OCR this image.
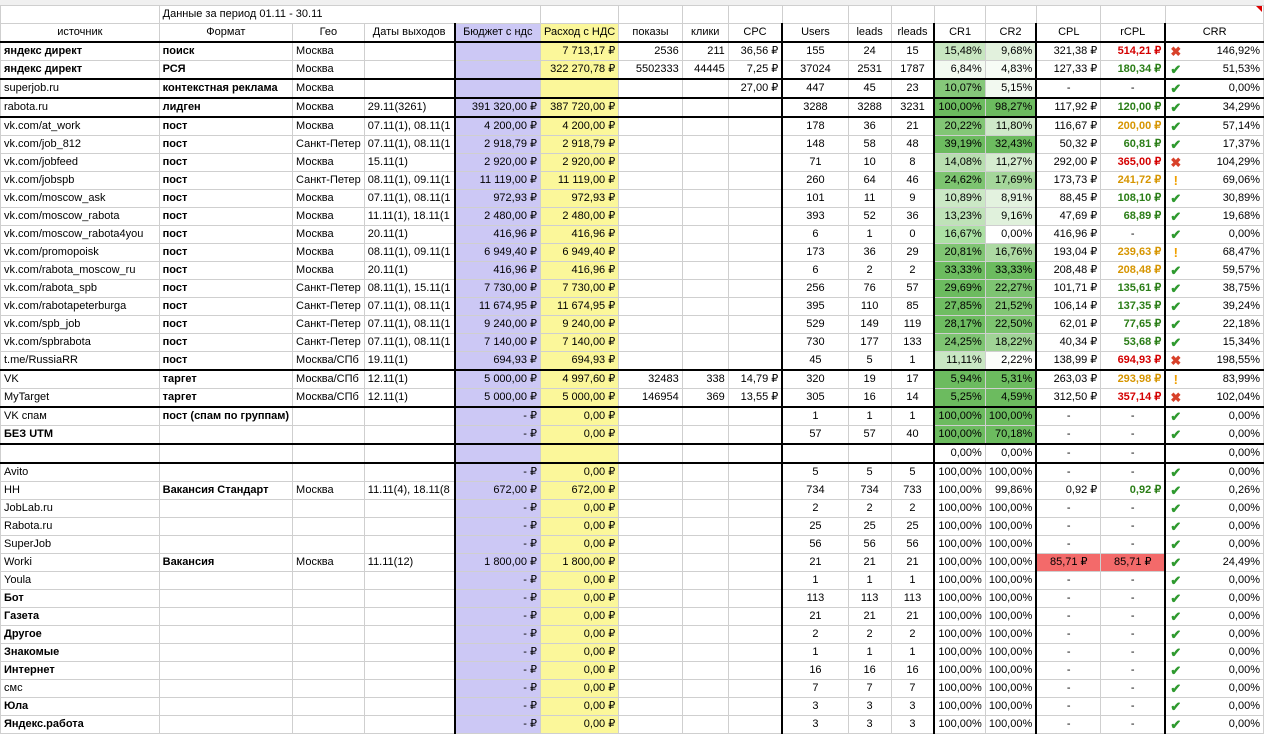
	Данные за период 01.11 - 30.11															
источник	Формат	Гео	Даты выходов	Бюджет с ндс	Расход с НДС	показы	клики	CPC	Users	leads	rleads	CR1	CR2	CPL	rCPL	CRR
яндекс директ	поиск	Москва			7 713,17 ₽	2536	211	36,56 ₽	155	24	15	15,48%	9,68%	321,38 ₽	514,21 ₽	✖ 146,92%

яндекс директ	РСЯ	Москва			322 270,78 ₽	5502333	44445	7,25 ₽	37024	2531	1787	6,84%	4,83%	127,33 ₽	180,34 ₽	✔ 51,53%

superjob.ru	контекстная реклама	Москва						27,00 ₽	447	45	23	10,07%	5,15%	-	-	✔ 0,00%

rabota.ru	лидген	Москва	29.11(3261)	391 320,00 ₽	387 720,00 ₽				3288	3288	3231	100,00%	98,27%	117,92 ₽	120,00 ₽	✔ 34,29%

vk.com/at_work	пост	Москва	07.11(1), 08.11(1	4 200,00 ₽	4 200,00 ₽				178	36	21	20,22%	11,80%	116,67 ₽	200,00 ₽	✔ 57,14%

vk.com/job_812	пост	Санкт-Петер	07.11(1), 08.11(1	2 918,79 ₽	2 918,79 ₽				148	58	48	39,19%	32,43%	50,32 ₽	60,81 ₽	✔ 17,37%

vk.com/jobfeed	пост	Москва	15.11(1)	2 920,00 ₽	2 920,00 ₽				71	10	8	14,08%	11,27%	292,00 ₽	365,00 ₽	✖ 104,29%

vk.com/jobspb	пост	Санкт-Петер	08.11(1), 09.11(1	11 119,00 ₽	11 119,00 ₽				260	64	46	24,62%	17,69%	173,73 ₽	241,72 ₽	! 69,06%

vk.com/moscow_ask	пост	Москва	07.11(1), 08.11(1	972,93 ₽	972,93 ₽				101	11	9	10,89%	8,91%	88,45 ₽	108,10 ₽	✔ 30,89%

vk.com/moscow_rabota	пост	Москва	11.11(1), 18.11(1	2 480,00 ₽	2 480,00 ₽				393	52	36	13,23%	9,16%	47,69 ₽	68,89 ₽	✔ 19,68%

vk.com/moscow_rabota4you	пост	Москва	20.11(1)	416,96 ₽	416,96 ₽				6	1	0	16,67%	0,00%	416,96 ₽	-	✔ 0,00%

vk.com/promopoisk	пост	Москва	08.11(1), 09.11(1	6 949,40 ₽	6 949,40 ₽				173	36	29	20,81%	16,76%	193,04 ₽	239,63 ₽	! 68,47%

vk.com/rabota_moscow_ru	пост	Москва	20.11(1)	416,96 ₽	416,96 ₽				6	2	2	33,33%	33,33%	208,48 ₽	208,48 ₽	✔ 59,57%

vk.com/rabota_spb	пост	Санкт-Петер	08.11(1), 15.11(1	7 730,00 ₽	7 730,00 ₽				256	76	57	29,69%	22,27%	101,71 ₽	135,61 ₽	✔ 38,75%

vk.com/rabotapeterburga	пост	Санкт-Петер	07.11(1), 08.11(1	11 674,95 ₽	11 674,95 ₽				395	110	85	27,85%	21,52%	106,14 ₽	137,35 ₽	✔ 39,24%

vk.com/spb_job	пост	Санкт-Петер	07.11(1), 08.11(1	9 240,00 ₽	9 240,00 ₽				529	149	119	28,17%	22,50%	62,01 ₽	77,65 ₽	✔ 22,18%

vk.com/spbrabota	пост	Санкт-Петер	07.11(1), 08.11(1	7 140,00 ₽	7 140,00 ₽				730	177	133	24,25%	18,22%	40,34 ₽	53,68 ₽	✔ 15,34%

t.me/RussiaRR	пост	Москва/СПб	19.11(1)	694,93 ₽	694,93 ₽				45	5	1	11,11%	2,22%	138,99 ₽	694,93 ₽	✖ 198,55%

VK	таргет	Москва/СПб	12.11(1)	5 000,00 ₽	4 997,60 ₽	32483	338	14,79 ₽	320	19	17	5,94%	5,31%	263,03 ₽	293,98 ₽	! 83,99%

MyTarget	таргет	Москва/СПб	12.11(1)	5 000,00 ₽	5 000,00 ₽	146954	369	13,55 ₽	305	16	14	5,25%	4,59%	312,50 ₽	357,14 ₽	✖ 102,04%

VK спам	пост (спам по группам)			- ₽	0,00 ₽				1	1	1	100,00%	100,00%	-	-	✔ 0,00%

БЕЗ UTM				- ₽	0,00 ₽				57	57	40	100,00%	70,18%	-	-	✔ 0,00%

												0,00%	0,00%	-	-	0,00%

Avito				- ₽	0,00 ₽				5	5	5	100,00%	100,00%	-	-	✔ 0,00%

HH	Вакансия Стандарт	Москва	11.11(4), 18.11(8	672,00 ₽	672,00 ₽				734	734	733	100,00%	99,86%	0,92 ₽	0,92 ₽	✔ 0,26%

JobLab.ru				- ₽	0,00 ₽				2	2	2	100,00%	100,00%	-	-	✔ 0,00%

Rabota.ru				- ₽	0,00 ₽				25	25	25	100,00%	100,00%	-	-	✔ 0,00%

SuperJob				- ₽	0,00 ₽				56	56	56	100,00%	100,00%	-	-	✔ 0,00%

Worki	Вакансия	Москва	11.11(12)	1 800,00 ₽	1 800,00 ₽				21	21	21	100,00%	100,00%	85,71 ₽	85,71 ₽	✔ 24,49%

Youla				- ₽	0,00 ₽				1	1	1	100,00%	100,00%	-	-	✔ 0,00%

Бот				- ₽	0,00 ₽				113	113	113	100,00%	100,00%	-	-	✔ 0,00%

Газета				- ₽	0,00 ₽				21	21	21	100,00%	100,00%	-	-	✔ 0,00%

Другое				- ₽	0,00 ₽				2	2	2	100,00%	100,00%	-	-	✔ 0,00%

Знакомые				- ₽	0,00 ₽				1	1	1	100,00%	100,00%	-	-	✔ 0,00%

Интернет				- ₽	0,00 ₽				16	16	16	100,00%	100,00%	-	-	✔ 0,00%

смс				- ₽	0,00 ₽				7	7	7	100,00%	100,00%	-	-	✔ 0,00%

Юла				- ₽	0,00 ₽				3	3	3	100,00%	100,00%	-	-	✔ 0,00%

Яндекс.работа				- ₽	0,00 ₽				3	3	3	100,00%	100,00%	-	-	✔ 0,00%
